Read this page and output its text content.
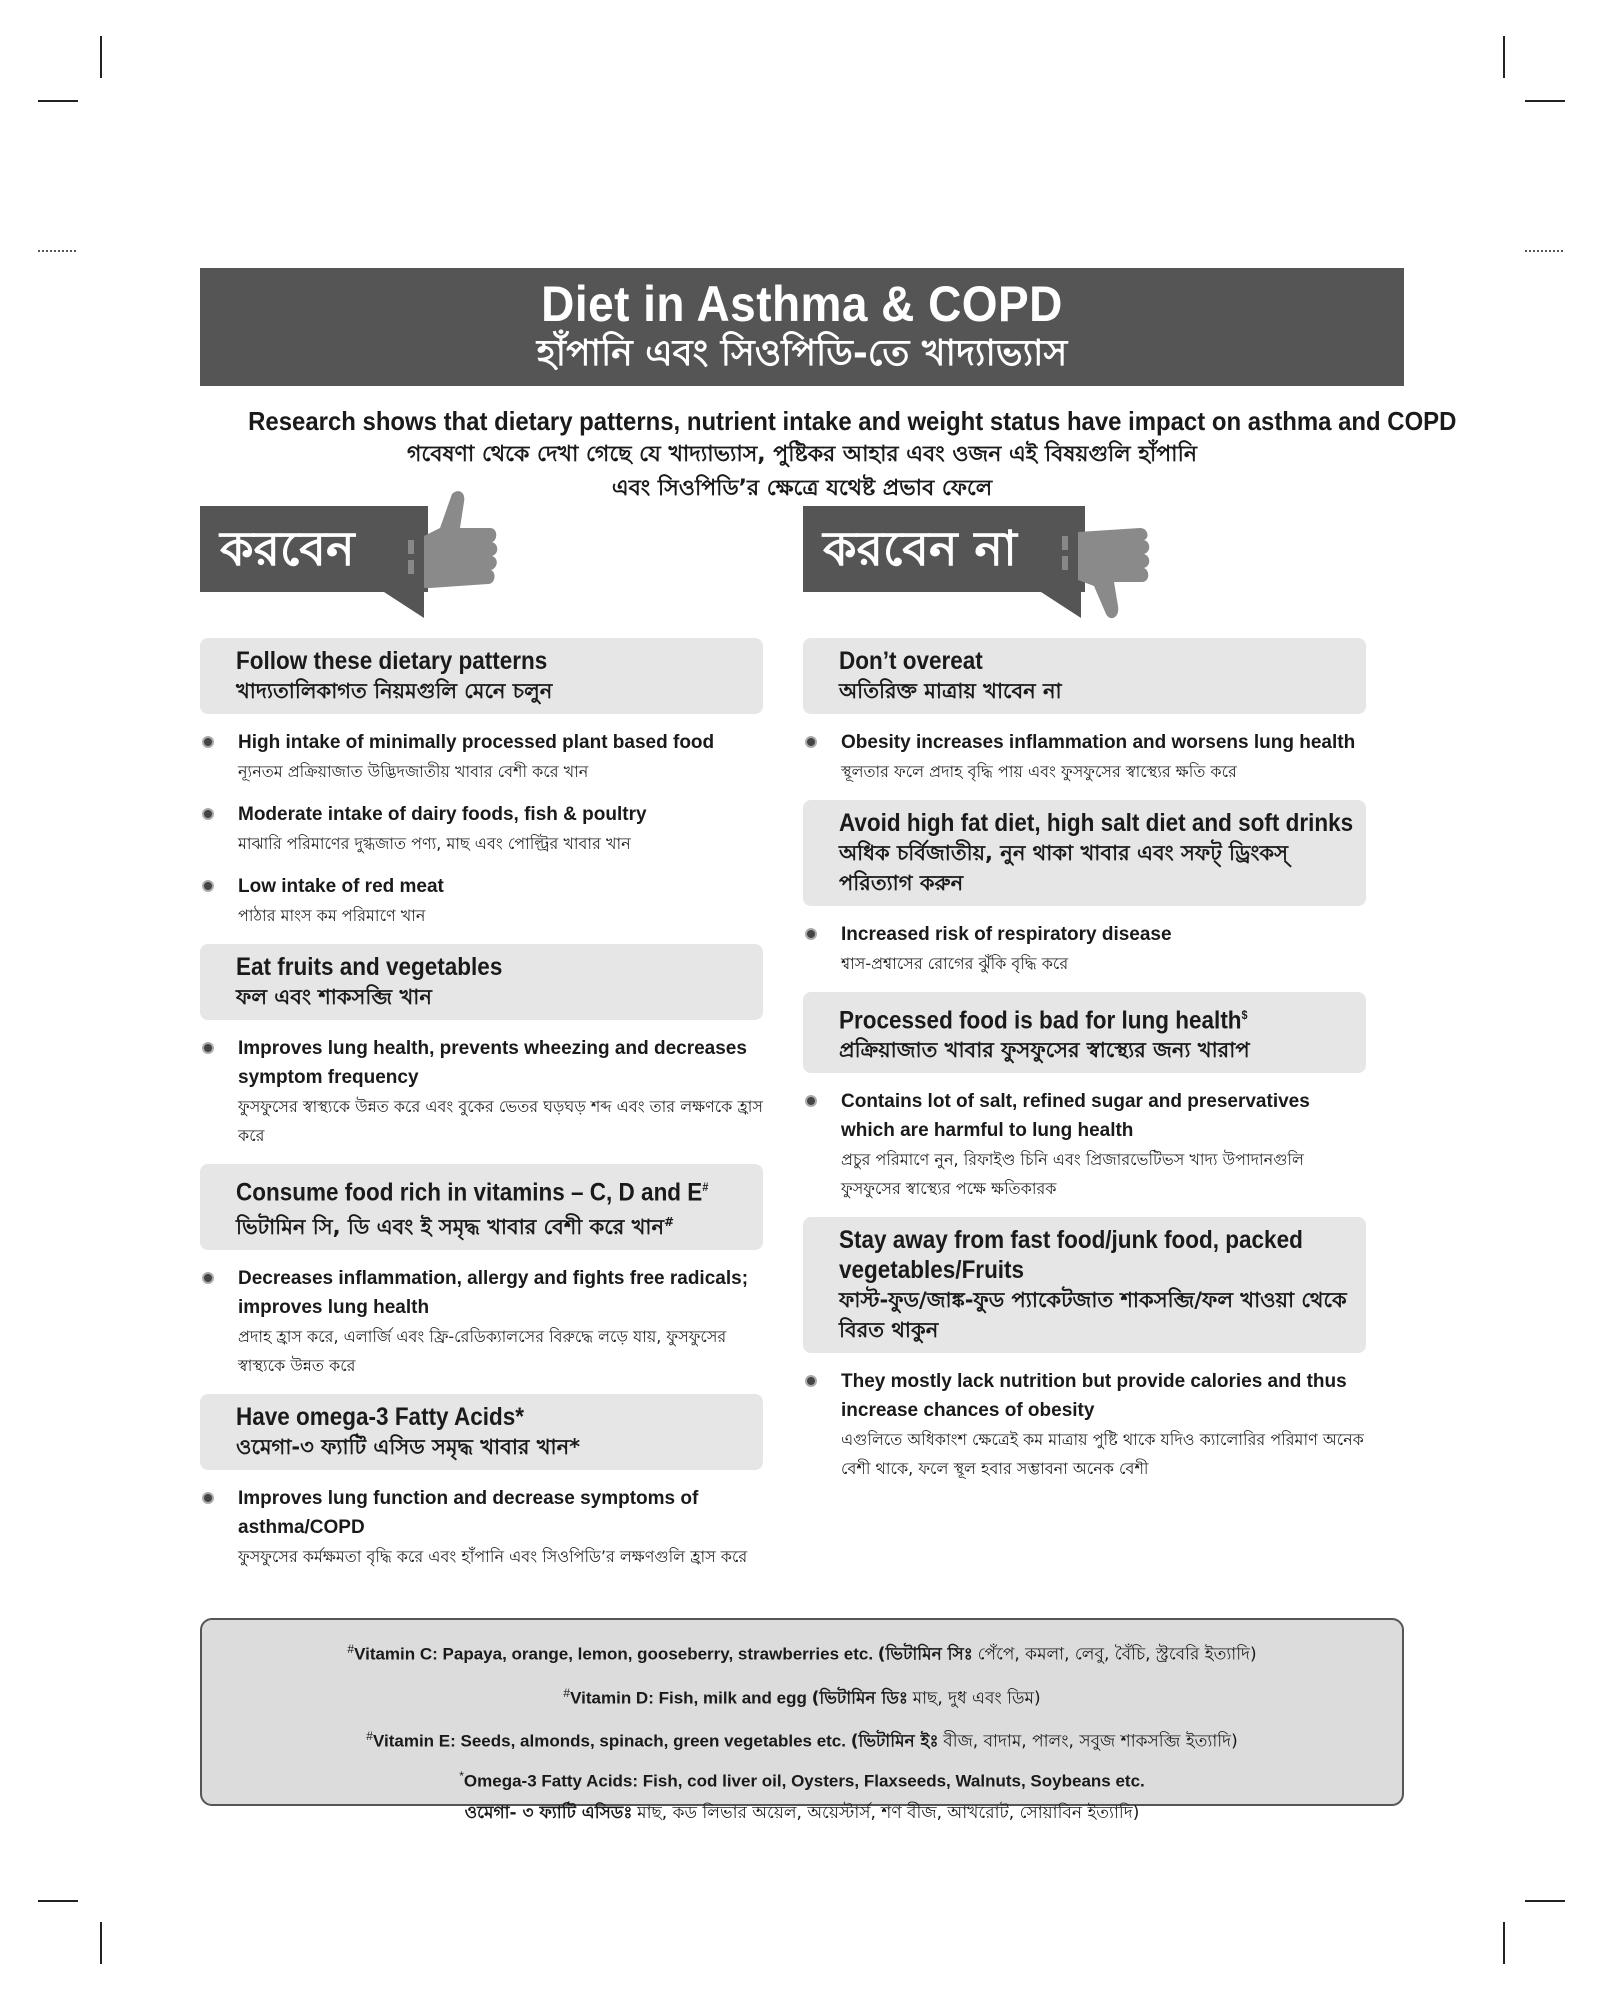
Diet in Asthma & COPD
হাঁপানি এবং সিওপিডি-তে খাদ্যাভ্যাস
Research shows that dietary patterns, nutrient intake and weight status have impact on asthma and COPD
গবেষণা থেকে দেখা গেছে যে খাদ্যাভ্যাস, পুষ্টিকর আহার এবং ওজন এই বিষয়গুলি হাঁপানি
এবং সিওপিডি’র ক্ষেত্রে যথেষ্ট প্রভাব ফেলে
করবেন	করবেন না
Follow these dietary patterns
খাদ্যতালিকাগত নিয়মগুলি মেনে চলুন
High intake of minimally processed plant based food
ন্যূনতম প্রক্রিয়াজাত উদ্ভিদজাতীয় খাবার বেশী করে খান
Moderate intake of dairy foods, fish & poultry
মাঝারি পরিমাণের দুগ্ধজাত পণ্য, মাছ এবং পোল্ট্রির খাবার খান
Low intake of red meat
পাঠার মাংস কম পরিমাণে খান
Eat fruits and vegetables
ফল এবং শাকসব্জি খান
Improves lung health, prevents wheezing and decreases symptom frequency
ফুসফুসের স্বাস্থ্যকে উন্নত করে এবং বুকের ভেতর ঘড়ঘড় শব্দ এবং তার লক্ষণকে হ্রাস করে
Consume food rich in vitamins – C, D and E#
ভিটামিন সি, ডি এবং ই সমৃদ্ধ খাবার বেশী করে খান#
Decreases inflammation, allergy and fights free radicals; improves lung health
প্রদাহ হ্রাস করে, এলার্জি এবং ফ্রি-রেডিক্যালসের বিরুদ্ধে লড়ে যায়, ফুসফুসের স্বাস্থ্যকে উন্নত করে
Have omega-3 Fatty Acids*
ওমেগা-৩ ফ্যাটি এসিড সমৃদ্ধ খাবার খান*
Improves lung function and decrease symptoms of asthma/COPD
ফুসফুসের কর্মক্ষমতা বৃদ্ধি করে এবং হাঁপানি এবং সিওপিডি’র লক্ষণগুলি হ্রাস করে
Don’t overeat
অতিরিক্ত মাত্রায় খাবেন না
Obesity increases inflammation and worsens lung health
স্থূলতার ফলে প্রদাহ বৃদ্ধি পায় এবং ফুসফুসের স্বাস্থ্যের ক্ষতি করে
Avoid high fat diet, high salt diet and soft drinks
অধিক চর্বিজাতীয়, নুন থাকা খাবার এবং সফট্ ড্রিংকস্ পরিত্যাগ করুন
Increased risk of respiratory disease
শ্বাস-প্রশ্বাসের রোগের ঝুঁকি বৃদ্ধি করে
Processed food is bad for lung health$
প্রক্রিয়াজাত খাবার ফুসফুসের স্বাস্থ্যের জন্য খারাপ
Contains lot of salt, refined sugar and preservatives which are harmful to lung health
প্রচুর পরিমাণে নুন, রিফাইণ্ড চিনি এবং প্রিজারভেটিভস খাদ্য উপাদানগুলি ফুসফুসের স্বাস্থ্যের পক্ষে ক্ষতিকারক
Stay away from fast food/junk food, packed vegetables/Fruits
ফাস্ট-ফুড/জাঙ্ক-ফুড প্যাকেটজাত শাকসব্জি/ফল খাওয়া থেকে বিরত থাকুন
They mostly lack nutrition but provide calories and thus increase chances of obesity
এগুলিতে অধিকাংশ ক্ষেত্রেই কম মাত্রায় পুষ্টি থাকে যদিও ক্যালোরির পরিমাণ অনেক বেশী থাকে, ফলে স্থূল হবার সম্ভাবনা অনেক বেশী
#Vitamin C: Papaya, orange, lemon, gooseberry, strawberries etc. (ভিটামিন সিঃ পেঁপে, কমলা, লেবু, বৈঁচি, স্ট্রবেরি ইত্যাদি)
#Vitamin D: Fish, milk and egg (ভিটামিন ডিঃ মাছ, দুধ এবং ডিম)
#Vitamin E: Seeds, almonds, spinach, green vegetables etc. (ভিটামিন ইঃ বীজ, বাদাম, পালং, সবুজ শাকসব্জি ইত্যাদি)
*Omega-3 Fatty Acids: Fish, cod liver oil, Oysters, Flaxseeds, Walnuts, Soybeans etc.
ওমেগা- ৩ ফ্যাটি এসিডঃ মাছ, কড লিভার অয়েল, অয়েস্টার্স, শণ বীজ, আখরোট, সোয়াবিন ইত্যাদি)
